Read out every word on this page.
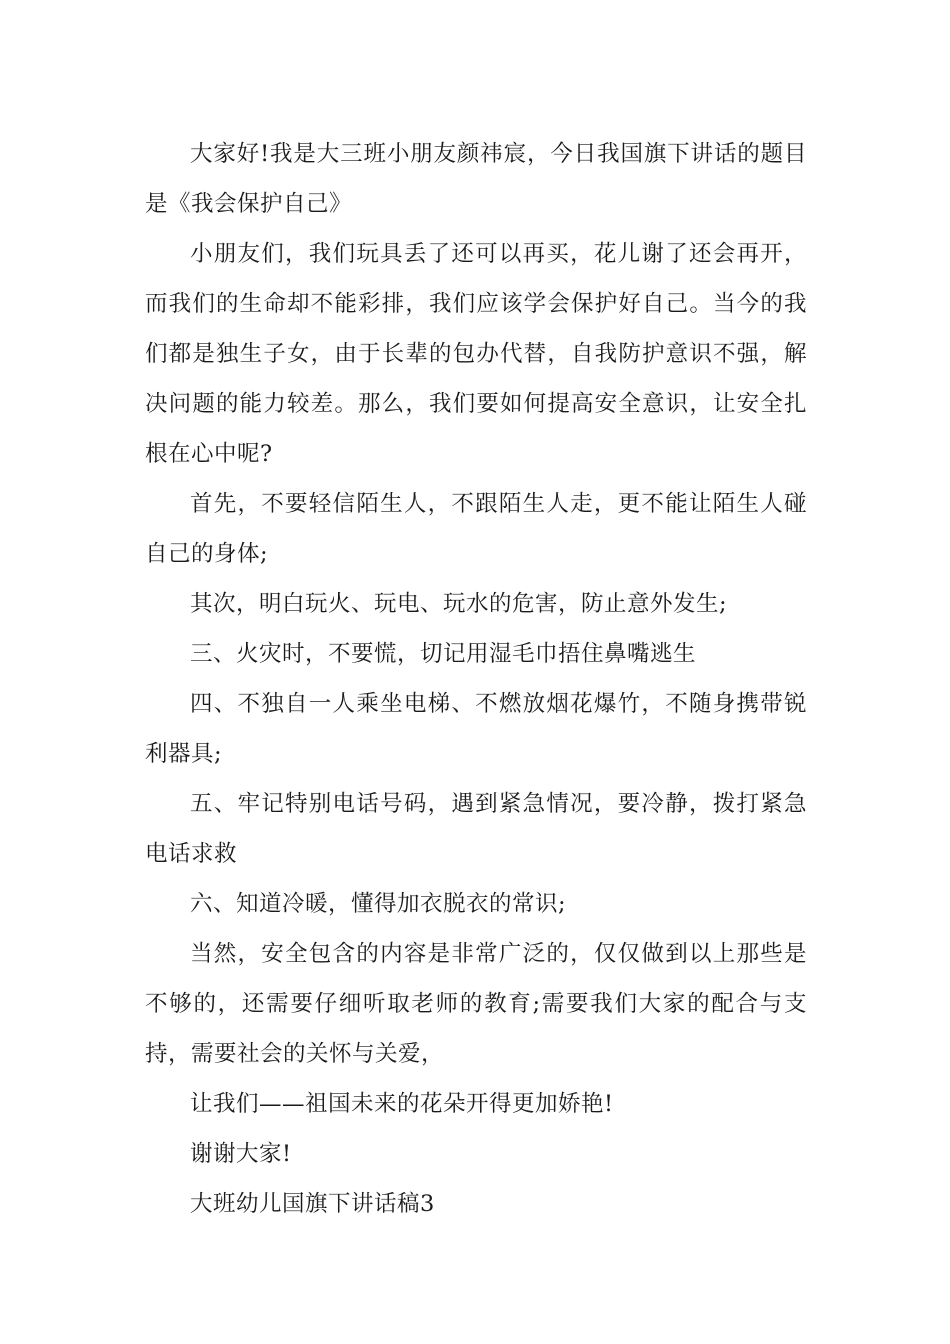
大家好!我是大三班小朋友颜祎宸，今日我国旗下讲话的题目是《我会保护自己》

小朋友们，我们玩具丢了还可以再买，花儿谢了还会再开，而我们的生命却不能彩排，我们应该学会保护好自己。当今的我们都是独生子女，由于长辈的包办代替，自我防护意识不强，解决问题的能力较差。那么，我们要如何提高安全意识，让安全扎根在心中呢?

首先，不要轻信陌生人，不跟陌生人走，更不能让陌生人碰自己的身体;

其次，明白玩火、玩电、玩水的危害，防止意外发生;

三、火灾时，不要慌，切记用湿毛巾捂住鼻嘴逃生

四、不独自一人乘坐电梯、不燃放烟花爆竹，不随身携带锐利器具;

五、牢记特别电话号码，遇到紧急情况，要冷静，拨打紧急电话求救

六、知道冷暖，懂得加衣脱衣的常识;

当然，安全包含的内容是非常广泛的，仅仅做到以上那些是不够的，还需要仔细听取老师的教育;需要我们大家的配合与支持，需要社会的关怀与关爱，

让我们——祖国未来的花朵开得更加娇艳!

谢谢大家!

大班幼儿国旗下讲话稿3
